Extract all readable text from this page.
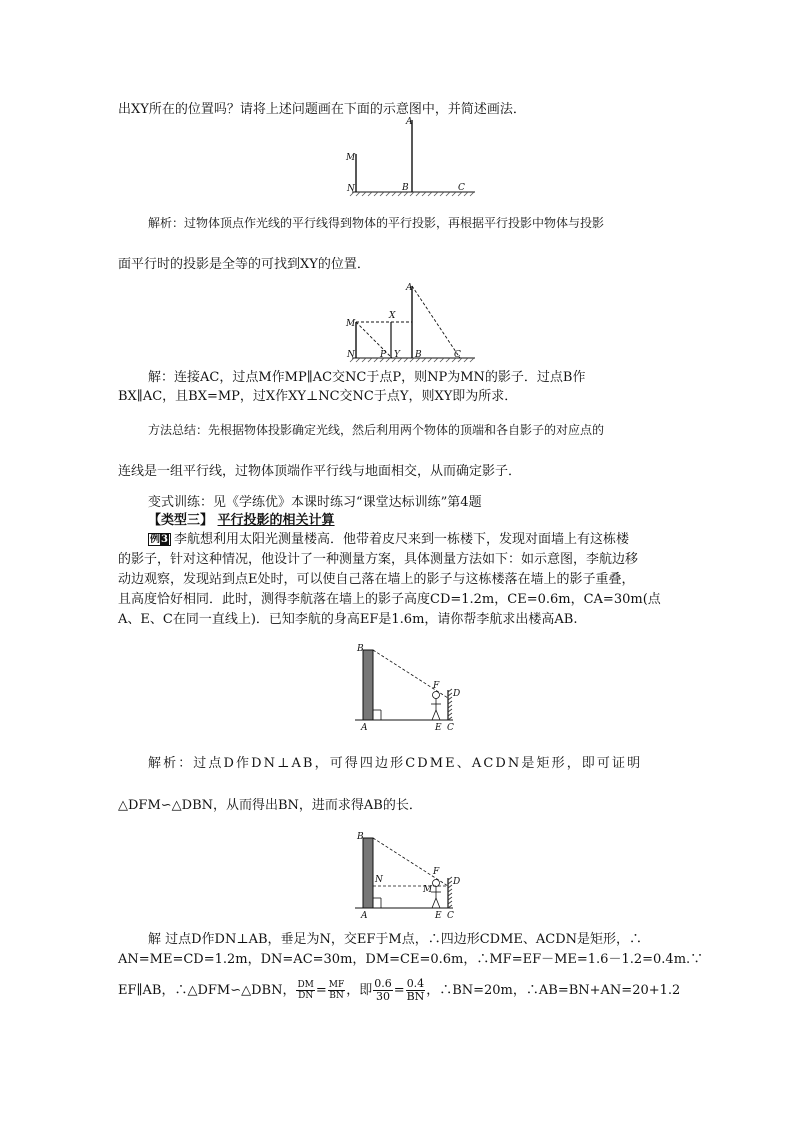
出XY所在的位置吗？请将上述问题画在下面的示意图中，并简述画法．
A
M
N	B	C
解析：过物体顶点作光线的平行线得到物体的平行投影，再根据平行投影中物体与投影
面平行时的投影是全等的可找到XY的位置．
A
M
X
N	P Y B	C
解：连接AC，过点M作MP∥AC交NC于点P，则NP为MN的影子．过点B作
BX∥AC，且BX=MP，过X作XY⊥NC交NC于点Y，则XY即为所求．
方法总结：先根据物体投影确定光线，然后利用两个物体的顶端和各自影子的对应点的
连线是一组平行线，过物体顶端作平行线与地面相交，从而确定影子．
变式训练：见《学练优》本课时练习“课堂达标训练”第4题
【类型三】 平行投影的相关计算
例3 李航想利用太阳光测量楼高．他带着皮尺来到一栋楼下，发现对面墙上有这栋楼
的影子，针对这种情况，他设计了一种测量方案，具体测量方法如下：如示意图，李航边移
动边观察，发现站到点E处时，可以使自己落在墙上的影子与这栋楼落在墙上的影子重叠，
且高度恰好相同．此时，测得李航落在墙上的影子高度CD=1.2m，CE=0.6m，CA=30m(点
A、E、C在同一直线上)．已知李航的身高EF是1.6m，请你帮李航求出楼高AB.
B
F
D
A	E C
解析：过点D作DN⊥AB，可得四边形CDME、ACDN是矩形，即可证明
△DFM∽△DBN，从而得出BN，进而求得AB的长．
B
N
F
M
D
A	E C
解 过点D作DN⊥AB，垂足为N，交EF于M点，∴四边形CDME、ACDN是矩形，∴
AN=ME=CD=1.2m，DN=AC=30m，DM=CE=0.6m，∴MF=EF－ME=1.6－1.2=0.4m.∵
EF∥AB，∴△DFM∽△DBN， $\frac{DM}{DN} = \frac{MF}{BN}$ ，即 $\frac{0.6}{30} = \frac{0.4}{BN}$ ，∴BN=20m，∴AB=BN+AN=20+1.2
